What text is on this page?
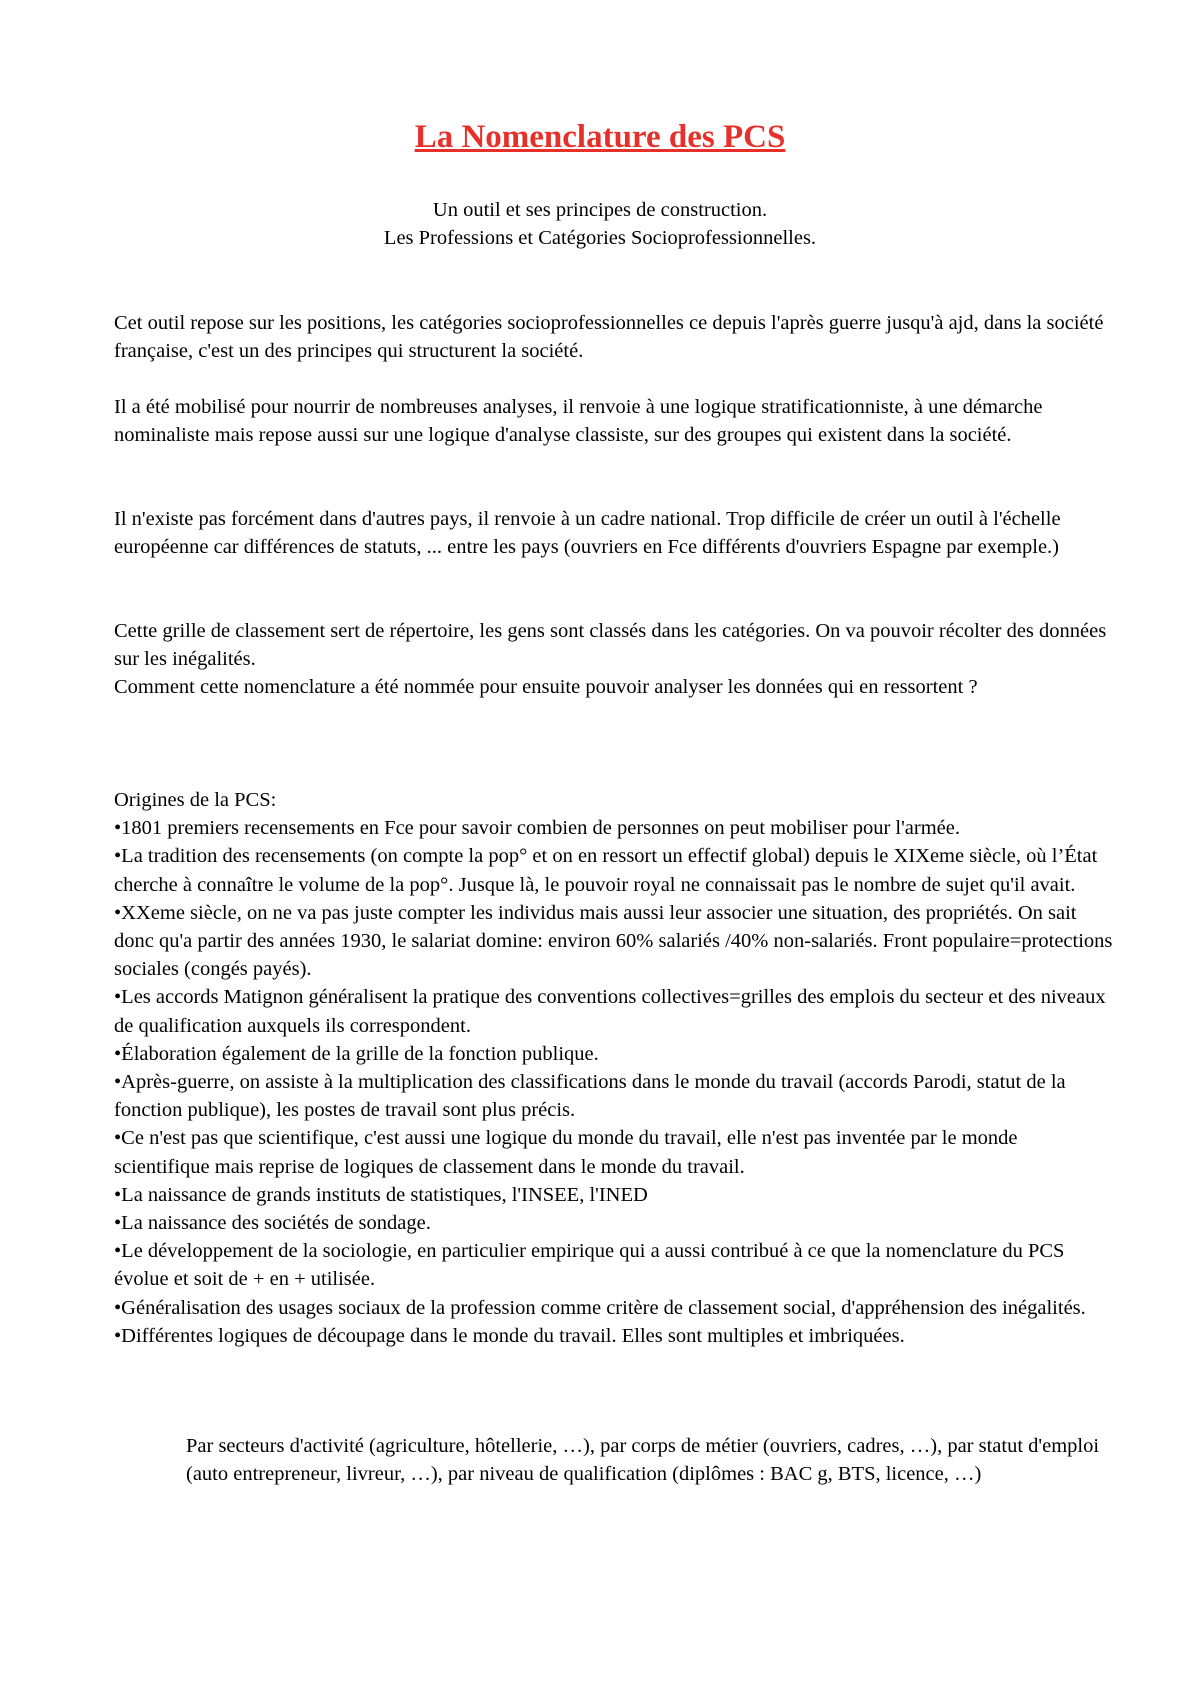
La Nomenclature des PCS
Un outil et ses principes de construction.
Les Professions et Catégories Socioprofessionnelles.

Cet outil repose sur les positions, les catégories socioprofessionnelles ce depuis l'après guerre jusqu'à ajd, dans la société française, c'est un des principes qui structurent la société.

Il a été mobilisé pour nourrir de nombreuses analyses, il renvoie à une logique stratificationniste, à une démarche nominaliste mais repose aussi sur une logique d'analyse classiste, sur des groupes qui existent dans la société.

Il n'existe pas forcément dans d'autres pays, il renvoie à un cadre national. Trop difficile de créer un outil à l'échelle européenne car différences de statuts, ... entre les pays (ouvriers en Fce différents d'ouvriers Espagne par exemple.)

Cette grille de classement sert de répertoire, les gens sont classés dans les catégories. On va pouvoir récolter des données sur les inégalités.

Comment cette nomenclature a été nommée pour ensuite pouvoir analyser les données qui en ressortent ?

Origines de la PCS:

•1801 premiers recensements en Fce pour savoir combien de personnes on peut mobiliser pour l'armée.

•La tradition des recensements (on compte la pop° et on en ressort un effectif global) depuis le XIXeme siècle, où l’État cherche à connaître le volume de la pop°. Jusque là, le pouvoir royal ne connaissait pas le nombre de sujet qu'il avait.

•XXeme siècle, on ne va pas juste compter les individus mais aussi leur associer une situation, des propriétés. On sait donc qu'a partir des années 1930, le salariat domine: environ 60% salariés /40% non-salariés. Front populaire=protections sociales (congés payés).

•Les accords Matignon généralisent la pratique des conventions collectives=grilles des emplois du secteur et des niveaux de qualification auxquels ils correspondent.

•Élaboration également de la grille de la fonction publique.

•Après-guerre, on assiste à la multiplication des classifications dans le monde du travail (accords Parodi, statut de la fonction publique), les postes de travail sont plus précis.

•Ce n'est pas que scientifique, c'est aussi une logique du monde du travail, elle n'est pas inventée par le monde scientifique mais reprise de logiques de classement dans le monde du travail.

•La naissance de grands instituts de statistiques, l'INSEE, l'INED

•La naissance des sociétés de sondage.

•Le développement de la sociologie, en particulier empirique qui a aussi contribué à ce que la nomenclature du PCS évolue et soit de + en + utilisée.

•Généralisation des usages sociaux de la profession comme critère de classement social, d'appréhension des inégalités.

•Différentes logiques de découpage dans le monde du travail. Elles sont multiples et imbriquées.

Par secteurs d'activité (agriculture, hôtellerie, …), par corps de métier (ouvriers, cadres, …), par statut d'emploi (auto entrepreneur, livreur, …), par niveau de qualification (diplômes : BAC g, BTS, licence, …)
